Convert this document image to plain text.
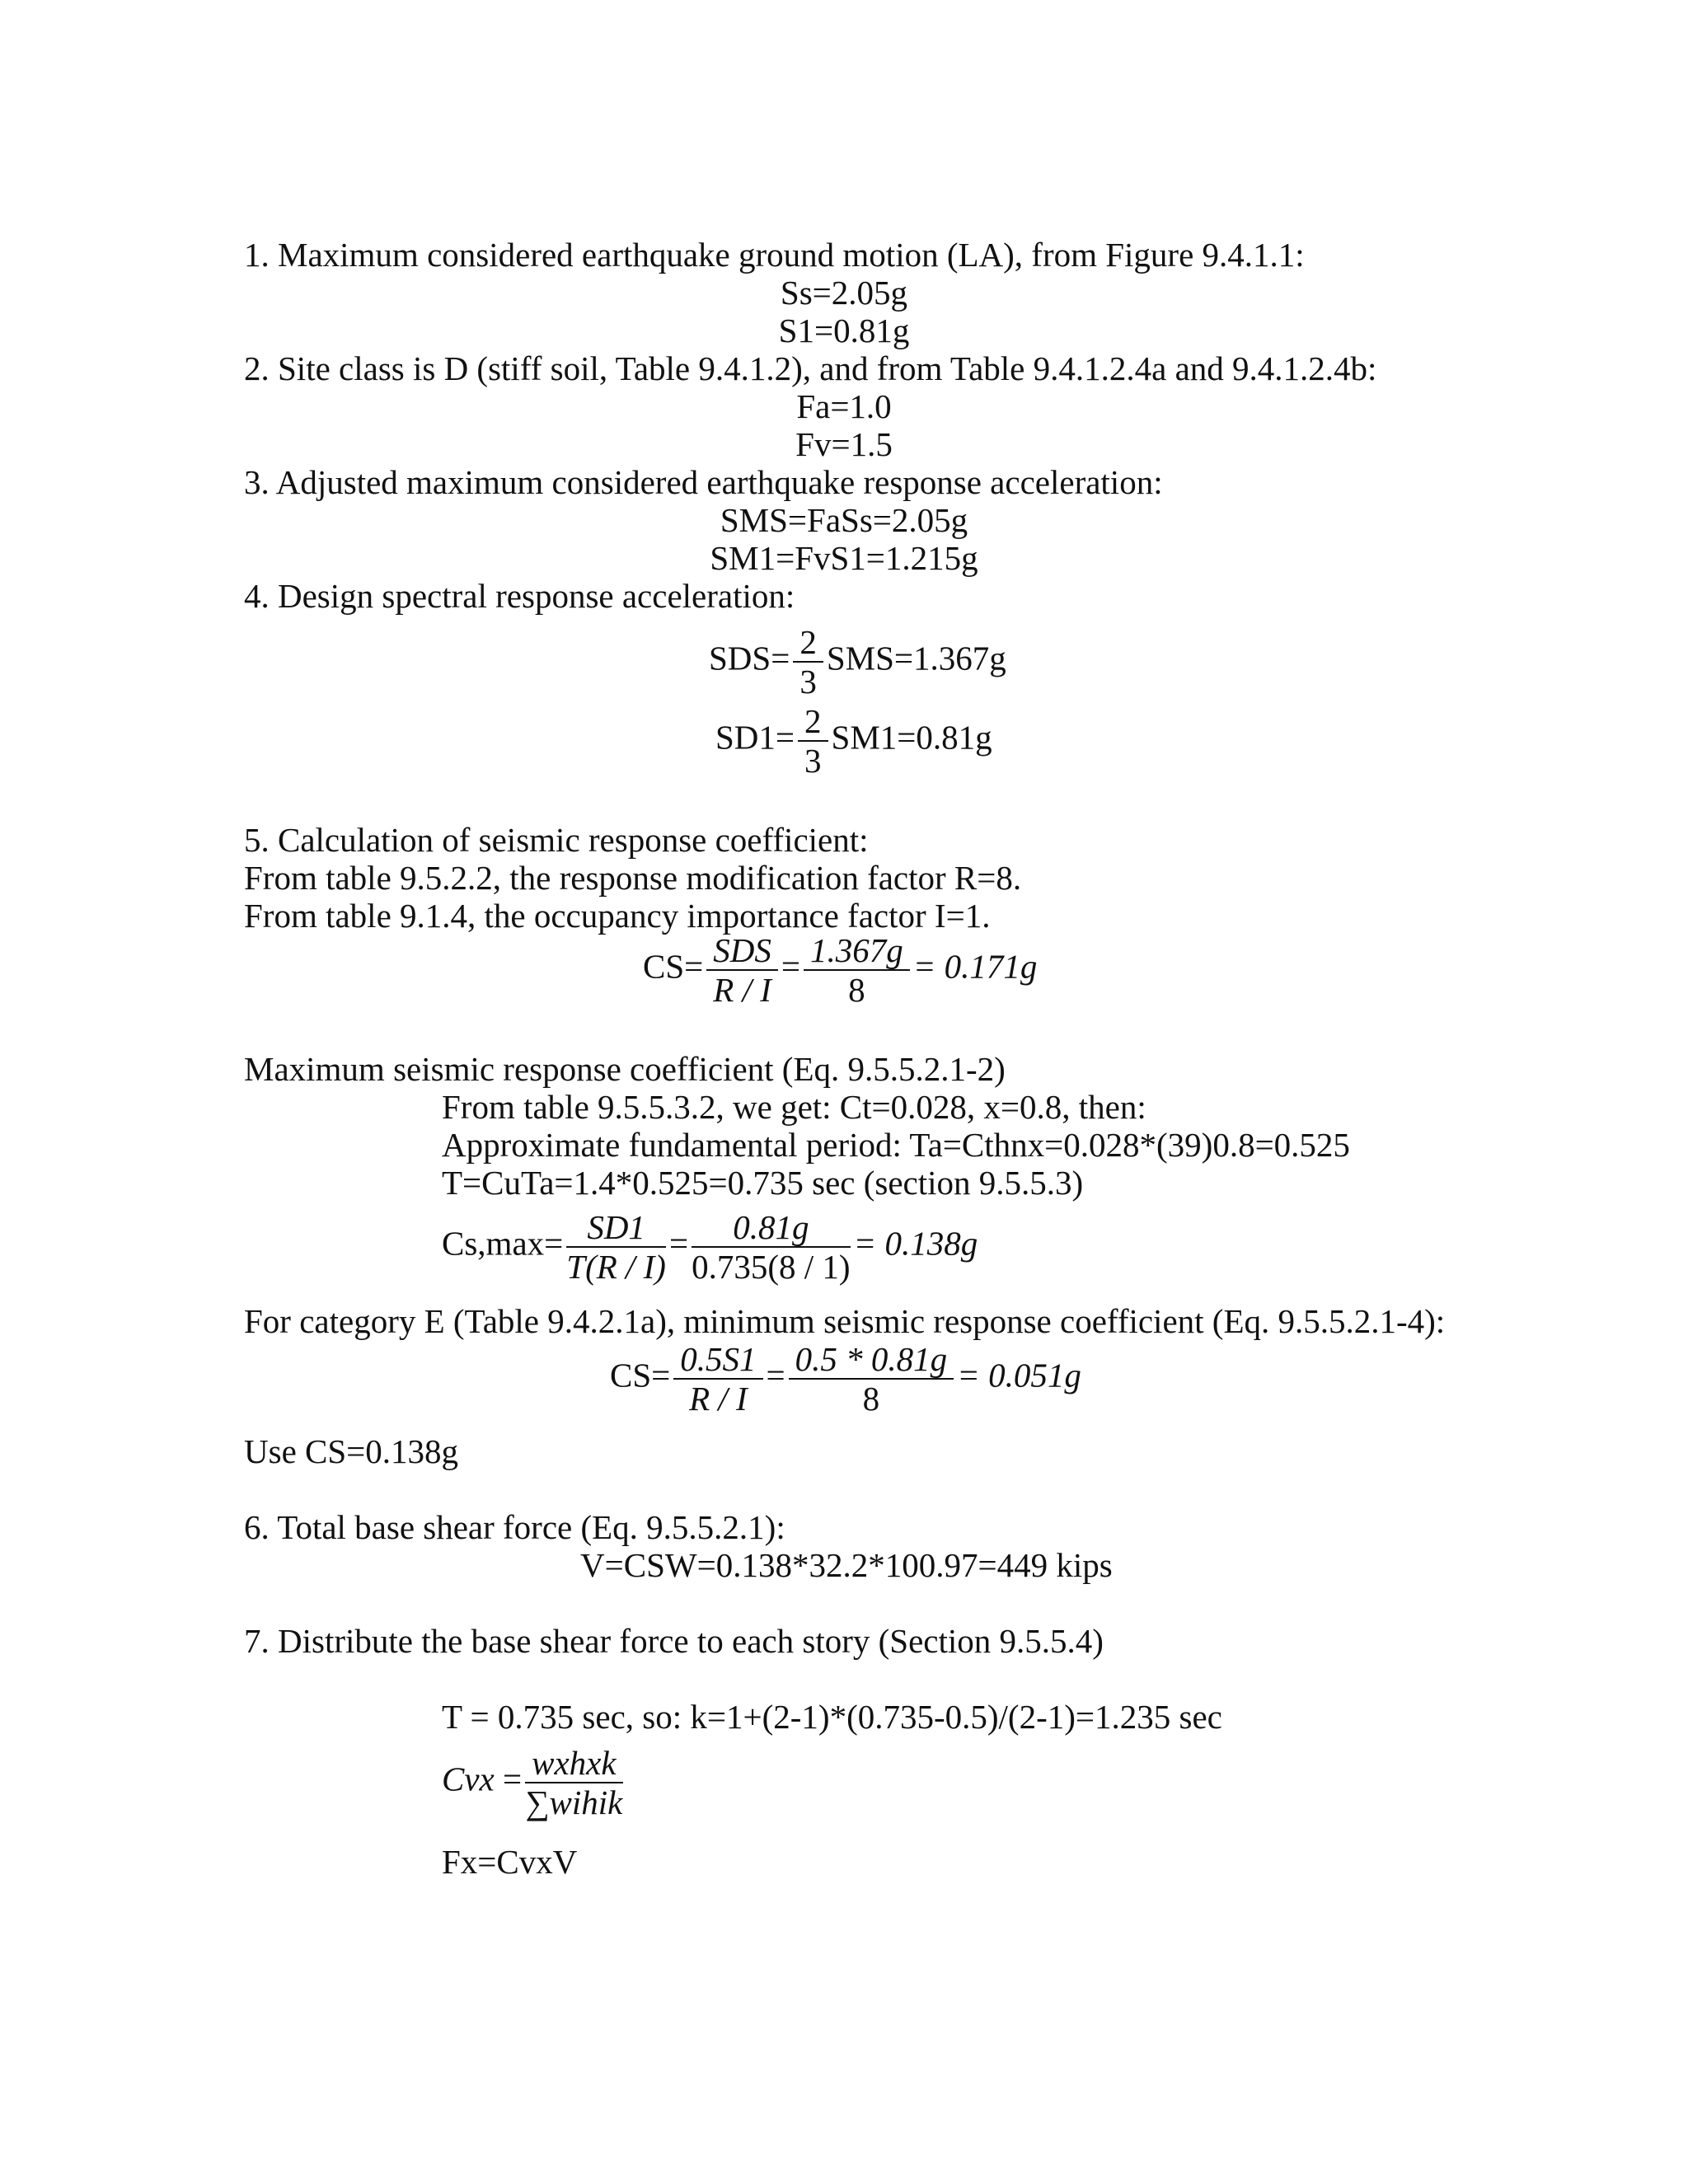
1. Maximum considered earthquake ground motion (LA), from Figure 9.4.1.1:
Ss=2.05g
S1=0.81g
2. Site class is D (stiff soil, Table 9.4.1.2), and from Table 9.4.1.2.4a and 9.4.1.2.4b:
Fa=1.0
Fv=1.5
3. Adjusted maximum considered earthquake response acceleration:
SMS=FaSs=2.05g
SM1=FvS1=1.215g
4. Design spectral response acceleration:
$SDS= \frac{2}{3} SMS=1.367g$
$SD1= \frac{2}{3} SM1=0.81g$
5. Calculation of seismic response coefficient:
From table 9.5.2.2, the response modification factor R=8.
From table 9.1.4, the occupancy importance factor I=1.
$CS= \frac{\text{SDS}}{R / I} = \frac{1.367g}{8} = 0.171g$
Maximum seismic response coefficient (Eq. 9.5.5.2.1-2)
From table 9.5.5.3.2, we get: Ct=0.028, x=0.8, then:
Approximate fundamental period: Ta=Cthnx=0.028*(39)0.8=0.525
T=CuTa=1.4*0.525=0.735 sec (section 9.5.5.3)
$Cs,\max= \frac{SD1}{T(R / I)} = \frac{0.81g}{0.735(8 / 1)} = 0.138g$
For category E (Table 9.4.2.1a), minimum seismic response coefficient (Eq. 9.5.5.2.1-4):
$CS= \frac{0.5S1}{R / I} = \frac{0.5 * 0.81g}{8} = 0.051g$
Use CS=0.138g
6. Total base shear force (Eq. 9.5.5.2.1):
V=CSW=0.138*32.2*100.97=449 kips
7. Distribute the base shear force to each story (Section 9.5.5.4)
T = 0.735 sec, so: k=1+(2-1)*(0.735-0.5)/(2-1)=1.235 sec
Cvx = $\frac{\text{wxhxk}}{\text{∑wihik}}$
Fx=CvxV
